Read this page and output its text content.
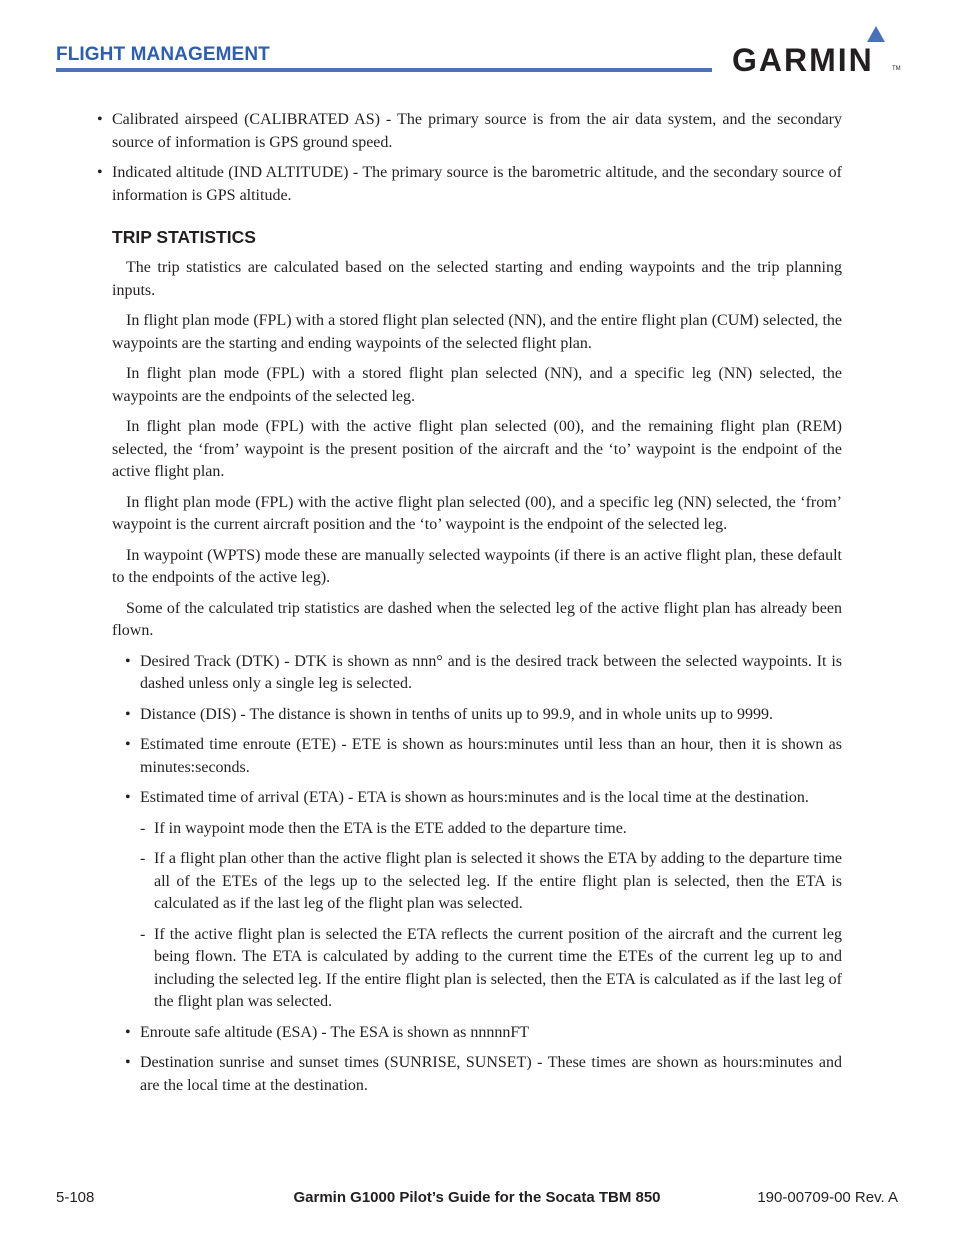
FLIGHT MANAGEMENT	GARMIN	TM
• Calibrated airspeed (CALIBRATED AS) - The primary source is from the air data system, and the secondary source of information is GPS ground speed.
• Indicated altitude (IND ALTITUDE) - The primary source is the barometric altitude, and the secondary source of information is GPS altitude.
TRIP STATISTICS

The trip statistics are calculated based on the selected starting and ending waypoints and the trip planning inputs.

In flight plan mode (FPL) with a stored flight plan selected (NN), and the entire flight plan (CUM) selected, the waypoints are the starting and ending waypoints of the selected flight plan.

In flight plan mode (FPL) with a stored flight plan selected (NN), and a specific leg (NN) selected, the waypoints are the endpoints of the selected leg.

In flight plan mode (FPL) with the active flight plan selected (00), and the remaining flight plan (REM) selected, the ‘from’ waypoint is the present position of the aircraft and the ‘to’ waypoint is the endpoint of the active flight plan.

In flight plan mode (FPL) with the active flight plan selected (00), and a specific leg (NN) selected, the ‘from’ waypoint is the current aircraft position and the ‘to’ waypoint is the endpoint of the selected leg.

In waypoint (WPTS) mode these are manually selected waypoints (if there is an active flight plan, these default to the endpoints of the active leg).

Some of the calculated trip statistics are dashed when the selected leg of the active flight plan has already been flown.

• Desired Track (DTK) - DTK is shown as nnn° and is the desired track between the selected waypoints. It is dashed unless only a single leg is selected.
• Distance (DIS) - The distance is shown in tenths of units up to 99.9, and in whole units up to 9999.
• Estimated time enroute (ETE) - ETE is shown as hours:minutes until less than an hour, then it is shown as minutes:seconds.
• Estimated time of arrival (ETA) - ETA is shown as hours:minutes and is the local time at the destination.
- If in waypoint mode then the ETA is the ETE added to the departure time.
- If a flight plan other than the active flight plan is selected it shows the ETA by adding to the departure time all of the ETEs of the legs up to the selected leg. If the entire flight plan is selected, then the ETA is calculated as if the last leg of the flight plan was selected.
- If the active flight plan is selected the ETA reflects the current position of the aircraft and the current leg being flown. The ETA is calculated by adding to the current time the ETEs of the current leg up to and including the selected leg. If the entire flight plan is selected, then the ETA is calculated as if the last leg of the flight plan was selected.
• Enroute safe altitude (ESA) - The ESA is shown as nnnnnFT
• Destination sunrise and sunset times (SUNRISE, SUNSET) - These times are shown as hours:minutes and are the local time at the destination.
5-108	Garmin G1000 Pilot’s Guide for the Socata TBM 850	190-00709-00 Rev. A
